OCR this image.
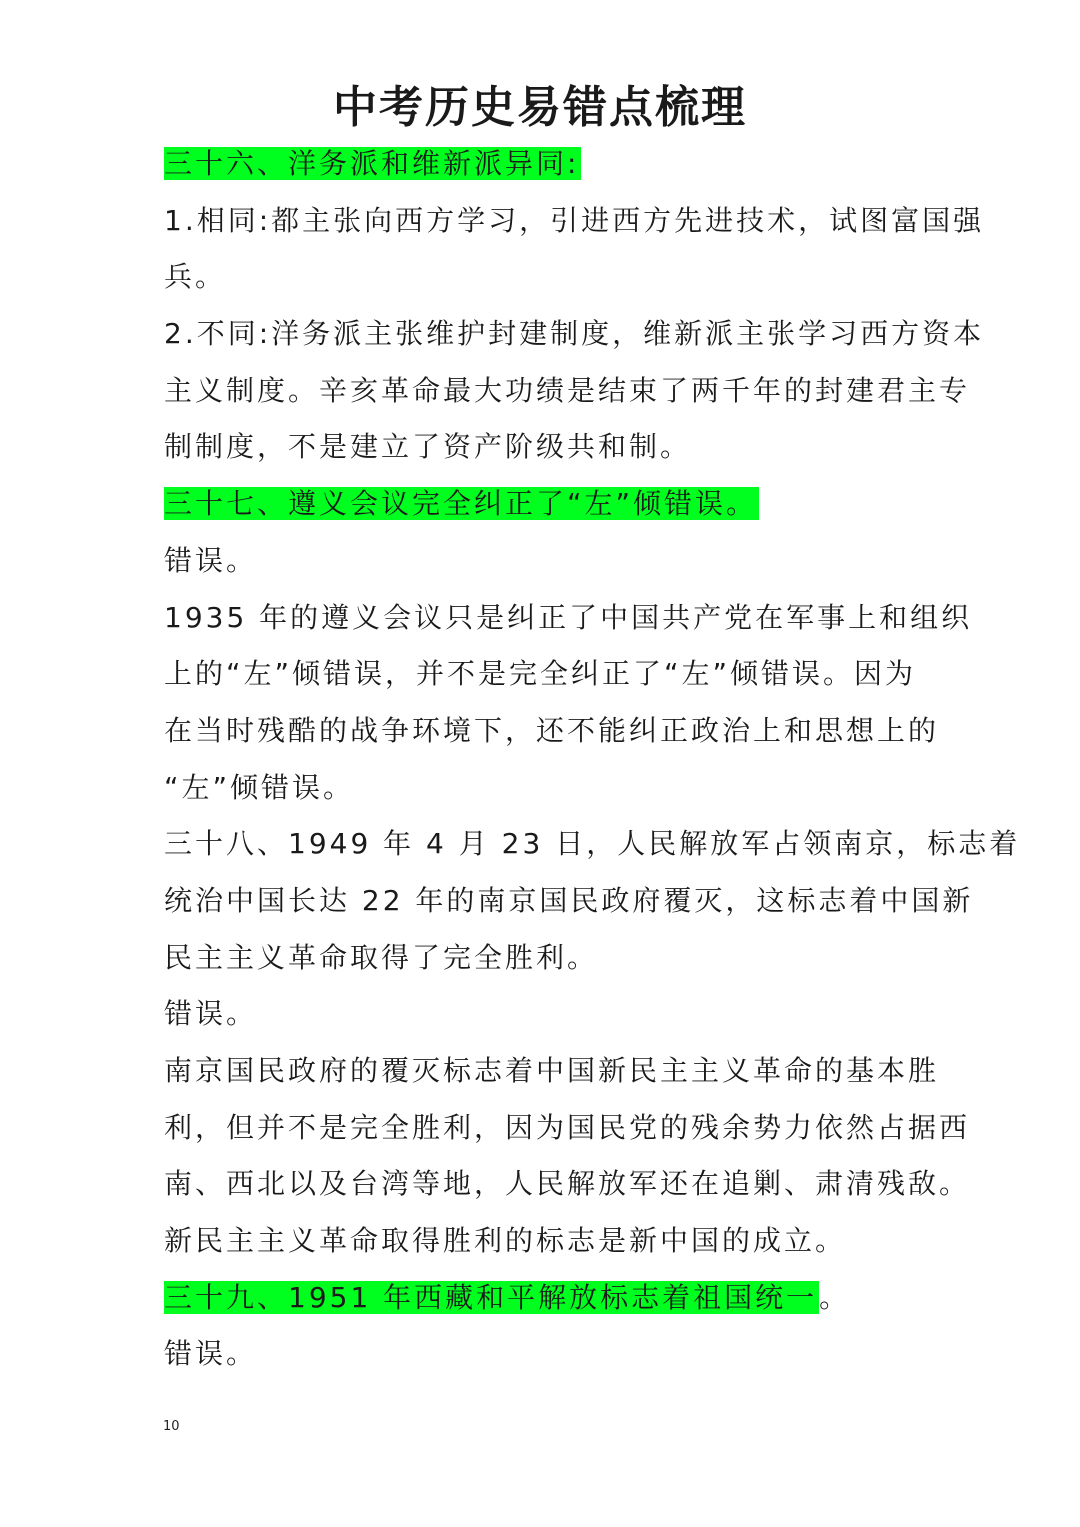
中考历史易错点梳理

三十六、洋务派和维新派异同:

1.相同:都主张向西方学习，引进西方先进技术，试图富国强

兵。

2.不同:洋务派主张维护封建制度，维新派主张学习西方资本

主义制度。辛亥革命最大功绩是结束了两千年的封建君主专

制制度，不是建立了资产阶级共和制。

三十七、遵义会议完全纠正了“左”倾错误。

错误。

1935 年的遵义会议只是纠正了中国共产党在军事上和组织

上的“左”倾错误，并不是完全纠正了“左”倾错误。因为

在当时残酷的战争环境下，还不能纠正政治上和思想上的

“左”倾错误。

三十八、1949 年 4 月 23 日，人民解放军占领南京，标志着

统治中国长达 22 年的南京国民政府覆灭，这标志着中国新

民主主义革命取得了完全胜利。

错误。

南京国民政府的覆灭标志着中国新民主主义革命的基本胜

利，但并不是完全胜利，因为国民党的残余势力依然占据西

南、西北以及台湾等地，人民解放军还在追剿、肃清残敌。

新民主主义革命取得胜利的标志是新中国的成立。

三十九、1951 年西藏和平解放标志着祖国统一。

错误。

10
